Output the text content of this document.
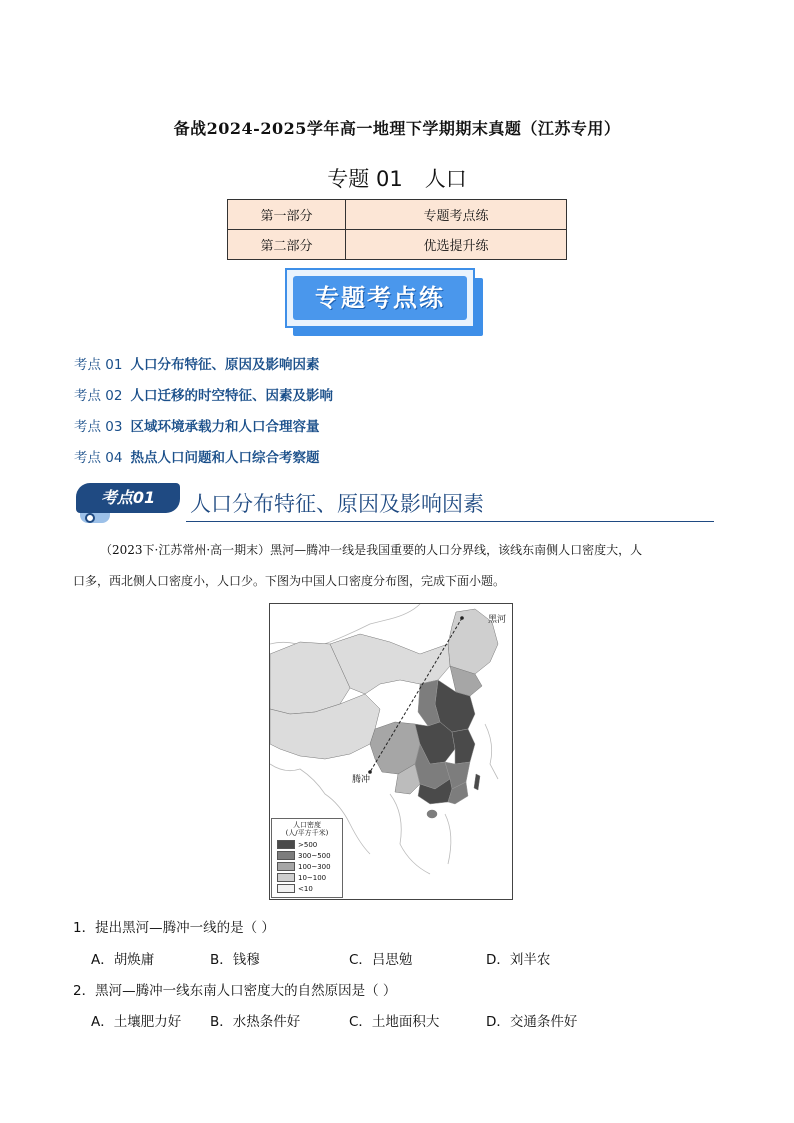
备战2024-2025学年高一地理下学期期末真题（江苏专用）
专题 01 人口
第一部分	专题考点练
第二部分	优选提升练
专题考点练
考点 01 人口分布特征、原因及影响因素
考点 02 人口迁移的时空特征、因素及影响
考点 03 区域环境承载力和人口合理容量
考点 04 热点人口问题和人口综合考察题
考点01	人口分布特征、原因及影响因素
（2023下·江苏常州·高一期末）黑河—腾冲一线是我国重要的人口分界线，该线东南侧人口密度大，人
口多，西北侧人口密度小，人口少。下图为中国人口密度分布图，完成下面小题。
黑河
腾冲
人口密度
(人/平方千米)
>500
300~500
100~300
10~100
<10
1．提出黑河—腾冲一线的是（ ）
A．胡焕庸	B．钱穆	C．吕思勉	D．刘半农
2．黑河—腾冲一线东南人口密度大的自然原因是（ ）
A．土壤肥力好 B．水热条件好	C．土地面积大	D．交通条件好
